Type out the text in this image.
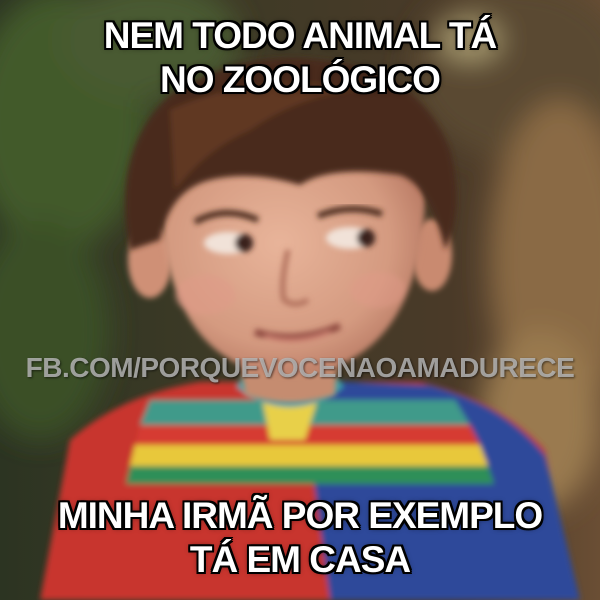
NEM TODO ANIMAL TÁ
NO ZOOLÓGICO
FB.COM/PORQUEVOCENAOAMADURECE
MINHA IRMÃ POR EXEMPLO
TÁ EM CASA
